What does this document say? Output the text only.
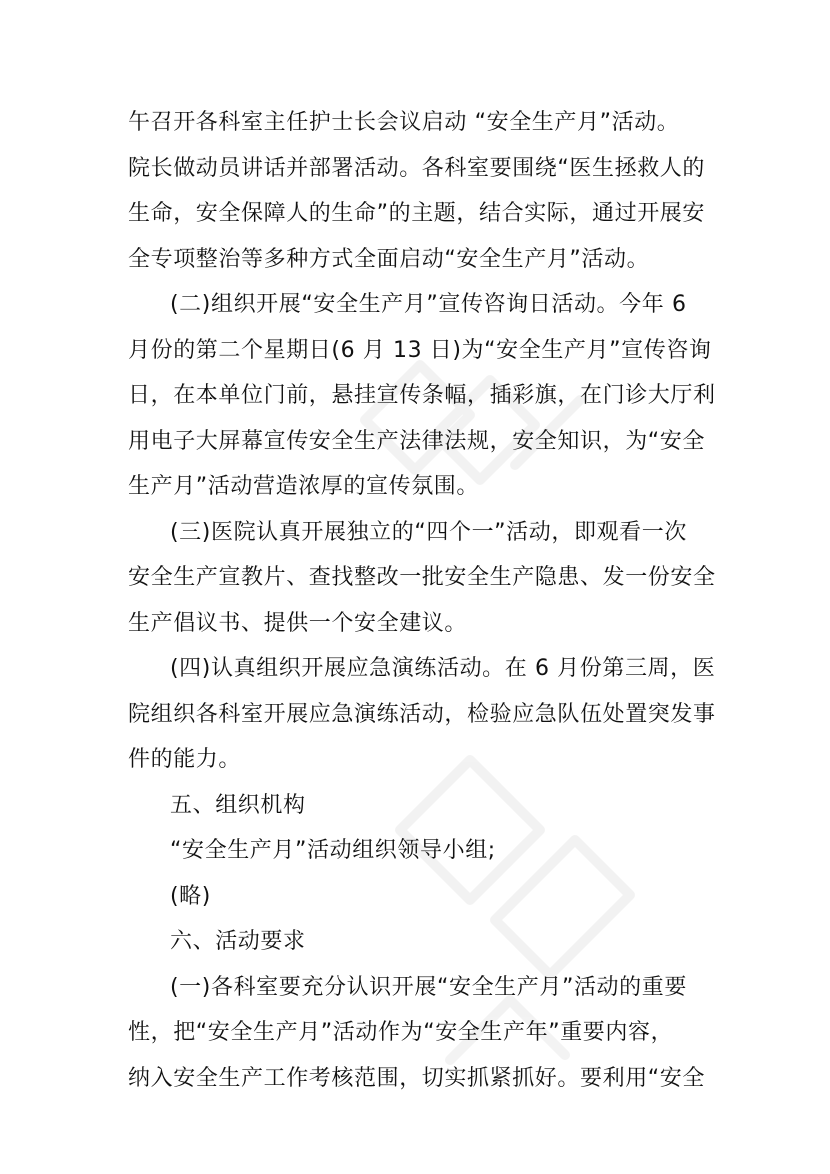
午召开各科室主任护士长会议启动 “安全生产月”活动。
院长做动员讲话并部署活动。各科室要围绕“医生拯救人的
生命，安全保障人的生命”的主题，结合实际，通过开展安
全专项整治等多种方式全面启动“安全生产月”活动。
(二)组织开展“安全生产月”宣传咨询日活动。今年 6
月份的第二个星期日(6 月 13 日)为“安全生产月”宣传咨询
日，在本单位门前，悬挂宣传条幅，插彩旗，在门诊大厅利
用电子大屏幕宣传安全生产法律法规，安全知识，为“安全
生产月”活动营造浓厚的宣传氛围。
(三)医院认真开展独立的“四个一”活动，即观看一次
安全生产宣教片、查找整改一批安全生产隐患、发一份安全
生产倡议书、提供一个安全建议。
(四)认真组织开展应急演练活动。在 6 月份第三周，医
院组织各科室开展应急演练活动，检验应急队伍处置突发事
件的能力。
五、组织机构
“安全生产月”活动组织领导小组;
(略)
六、活动要求
(一)各科室要充分认识开展“安全生产月”活动的重要
性，把“安全生产月”活动作为“安全生产年”重要内容，
纳入安全生产工作考核范围，切实抓紧抓好。要利用“安全
